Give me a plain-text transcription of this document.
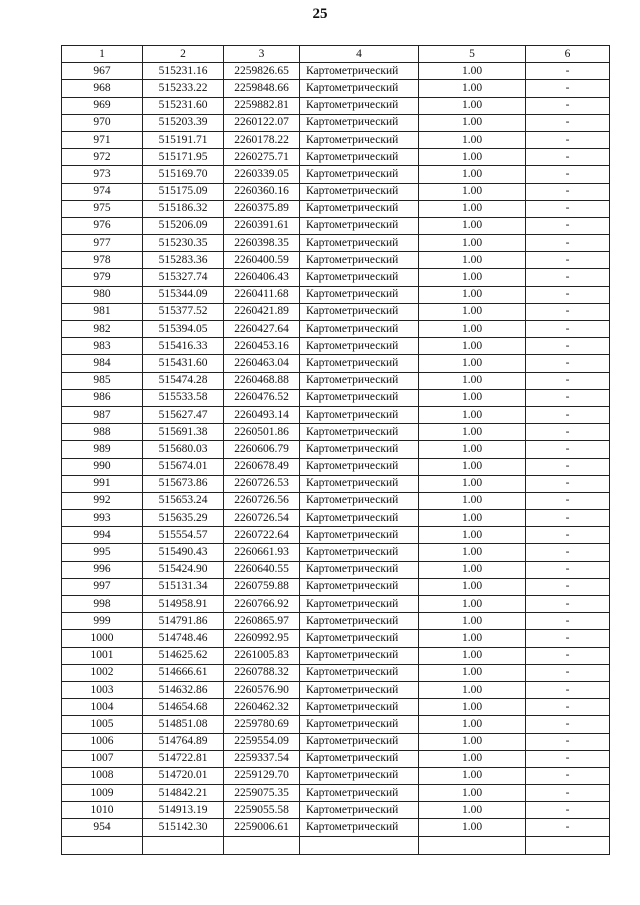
25
1	2	3	4	5	6
967	515231.16	2259826.65	Картометрический	1.00	-
968	515233.22	2259848.66	Картометрический	1.00	-
969	515231.60	2259882.81	Картометрический	1.00	-
970	515203.39	2260122.07	Картометрический	1.00	-
971	515191.71	2260178.22	Картометрический	1.00	-
972	515171.95	2260275.71	Картометрический	1.00	-
973	515169.70	2260339.05	Картометрический	1.00	-
974	515175.09	2260360.16	Картометрический	1.00	-
975	515186.32	2260375.89	Картометрический	1.00	-
976	515206.09	2260391.61	Картометрический	1.00	-
977	515230.35	2260398.35	Картометрический	1.00	-
978	515283.36	2260400.59	Картометрический	1.00	-
979	515327.74	2260406.43	Картометрический	1.00	-
980	515344.09	2260411.68	Картометрический	1.00	-
981	515377.52	2260421.89	Картометрический	1.00	-
982	515394.05	2260427.64	Картометрический	1.00	-
983	515416.33	2260453.16	Картометрический	1.00	-
984	515431.60	2260463.04	Картометрический	1.00	-
985	515474.28	2260468.88	Картометрический	1.00	-
986	515533.58	2260476.52	Картометрический	1.00	-
987	515627.47	2260493.14	Картометрический	1.00	-
988	515691.38	2260501.86	Картометрический	1.00	-
989	515680.03	2260606.79	Картометрический	1.00	-
990	515674.01	2260678.49	Картометрический	1.00	-
991	515673.86	2260726.53	Картометрический	1.00	-
992	515653.24	2260726.56	Картометрический	1.00	-
993	515635.29	2260726.54	Картометрический	1.00	-
994	515554.57	2260722.64	Картометрический	1.00	-
995	515490.43	2260661.93	Картометрический	1.00	-
996	515424.90	2260640.55	Картометрический	1.00	-
997	515131.34	2260759.88	Картометрический	1.00	-
998	514958.91	2260766.92	Картометрический	1.00	-
999	514791.86	2260865.97	Картометрический	1.00	-
1000	514748.46	2260992.95	Картометрический	1.00	-
1001	514625.62	2261005.83	Картометрический	1.00	-
1002	514666.61	2260788.32	Картометрический	1.00	-
1003	514632.86	2260576.90	Картометрический	1.00	-
1004	514654.68	2260462.32	Картометрический	1.00	-
1005	514851.08	2259780.69	Картометрический	1.00	-
1006	514764.89	2259554.09	Картометрический	1.00	-
1007	514722.81	2259337.54	Картометрический	1.00	-
1008	514720.01	2259129.70	Картометрический	1.00	-
1009	514842.21	2259075.35	Картометрический	1.00	-
1010	514913.19	2259055.58	Картометрический	1.00	-
954	515142.30	2259006.61	Картометрический	1.00	-
